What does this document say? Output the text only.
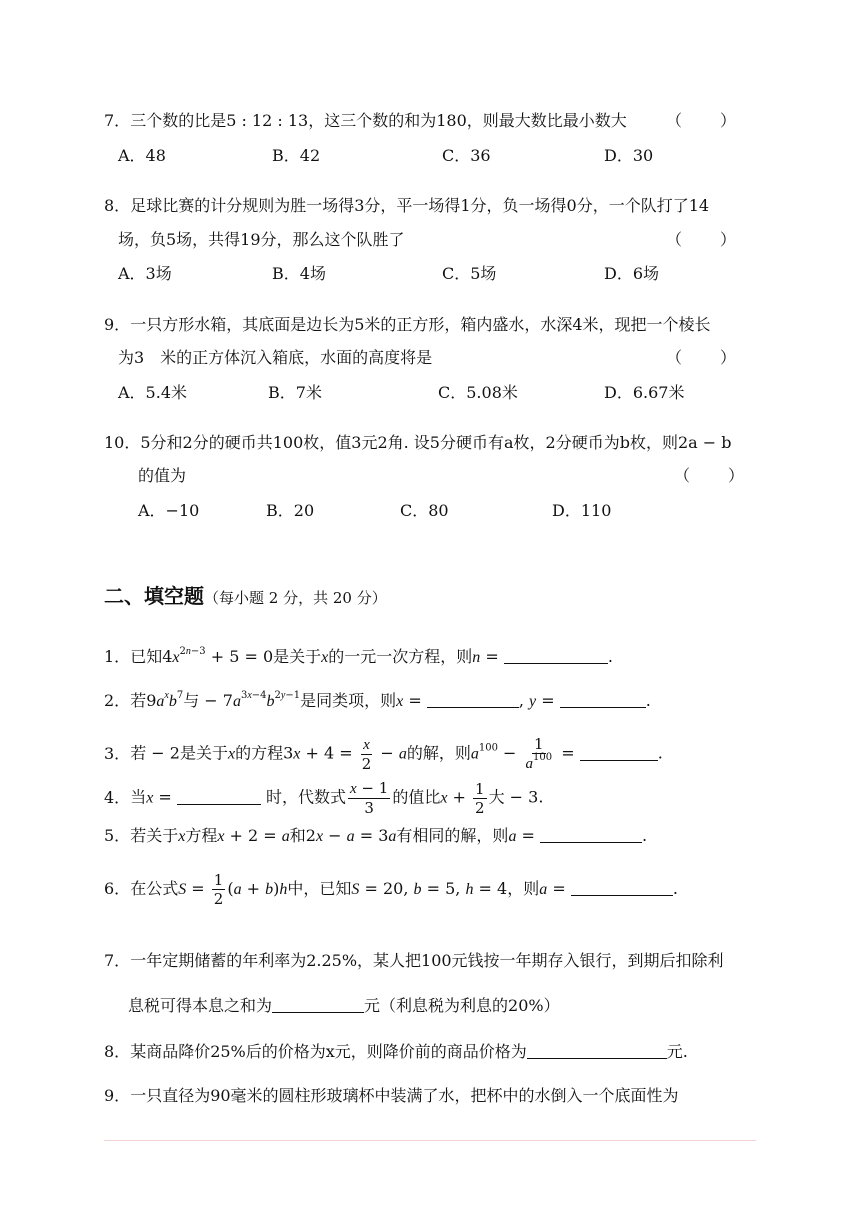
7．三个数的比是5 : 12 : 13，这三个数的和为180，则最大数比最小数大 （　　）
A．48	B．42	C．36	D．30
8．足球比赛的计分规则为胜一场得3分，平一场得1分，负一场得0分，一个队打了14
场，负5场，共得19分，那么这个队胜了	（　　）
A．3场	B．4场	C．5场	D．6场
9．一只方形水箱，其底面是边长为5米的正方形，箱内盛水，水深4米，现把一个棱长
为3　米的正方体沉入箱底，水面的高度将是	（　　）
A．5.4米	B．7米	C．5.08米	D．6.67米
10．5分和2分的硬币共100枚，值3元2角. 设5分硬币有a枚，2分硬币为b枚，则2a − b
的值为	（　　）
A．−10	B．20	C．80	D．110
二、填空题（每小题 2 分，共 20 分）
1．已知$4x^{2n-3} + 5 = 0$是关于x的一元一次方程，则n =	.
2．若$9a^xb^7$与 − $7a^{3x-4}b^{2y-1}$是同类项，则x =	, y =	.
3．若 − 2是关于x的方程$3x + 4 = \frac{x}{2} - a$的解，则$a^{100} - \frac{1}{a^{100}}$ =	.
4．当x =	时，代数式 $\frac{x - 1}{3}$ 的值比$x + \frac{1}{2}$ 大 − 3.
5．若关于x方程x + 2 = a和2x − a = 3a有相同的解，则a =	.
6．在公式$S = \frac{1}{2} (a + b)h$中，已知S = 20, b = 5, h = 4，则a =	.
7．一年定期储蓄的年利率为2.25%，某人把100元钱按一年期存入银行，到期后扣除利
息税可得本息之和为	元（利息税为利息的20%）
8．某商品降价25%后的价格为x元，则降价前的商品价格为	元.
9．一只直径为90毫米的圆柱形玻璃杯中装满了水，把杯中的水倒入一个底面性为
